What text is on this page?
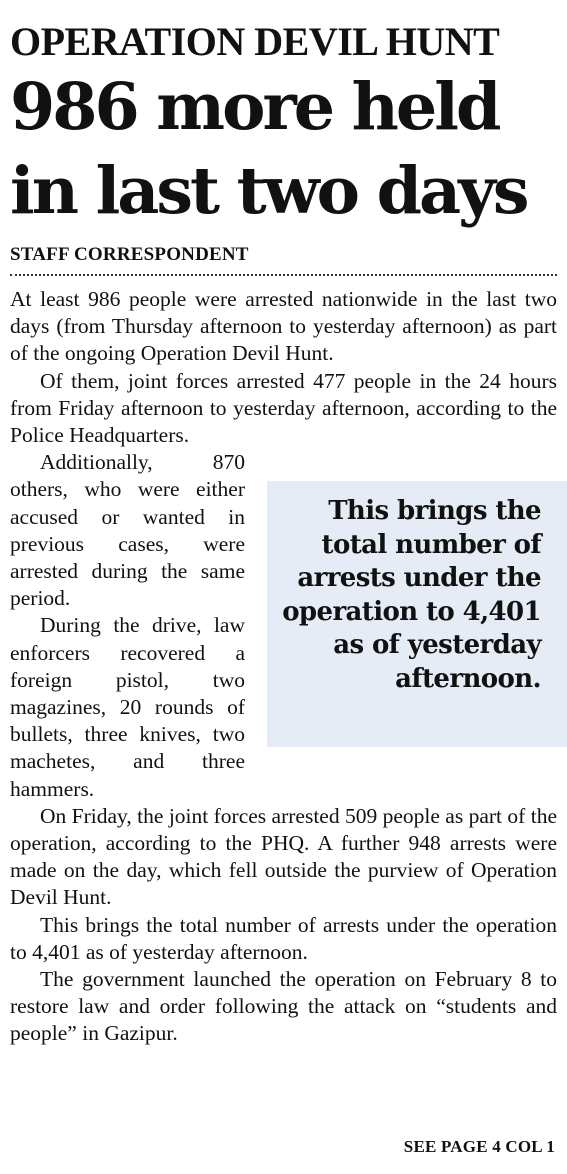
OPERATION DEVIL HUNT
986 more held
in last two days
STAFF CORRESPONDENT

At least 986 people were arrested nationwide in the last two days (from Thursday afternoon to yesterday afternoon) as part of the ongoing Operation Devil Hunt.

Of them, joint forces arrested 477 people in the 24 hours from Friday afternoon to yesterday afternoon, according to the Police Headquarters.

This brings the total number of arrests under the operation to 4,401 as of yesterday afternoon.

Additionally, 870 others, who were either accused or wanted in previous cases, were arrested during the same period.

During the drive, law enforcers recovered a foreign pistol, two magazines, 20 rounds of bullets, three knives, two machetes, and three hammers.

On Friday, the joint forces arrested 509 people as part of the operation, according to the PHQ. A further 948 arrests were made on the day, which fell outside the purview of Operation Devil Hunt.

This brings the total number of arrests under the operation to 4,401 as of yesterday afternoon.

The government launched the operation on February 8 to restore law and order following the attack on “students and people” in Gazipur.

SEE PAGE 4 COL 1
